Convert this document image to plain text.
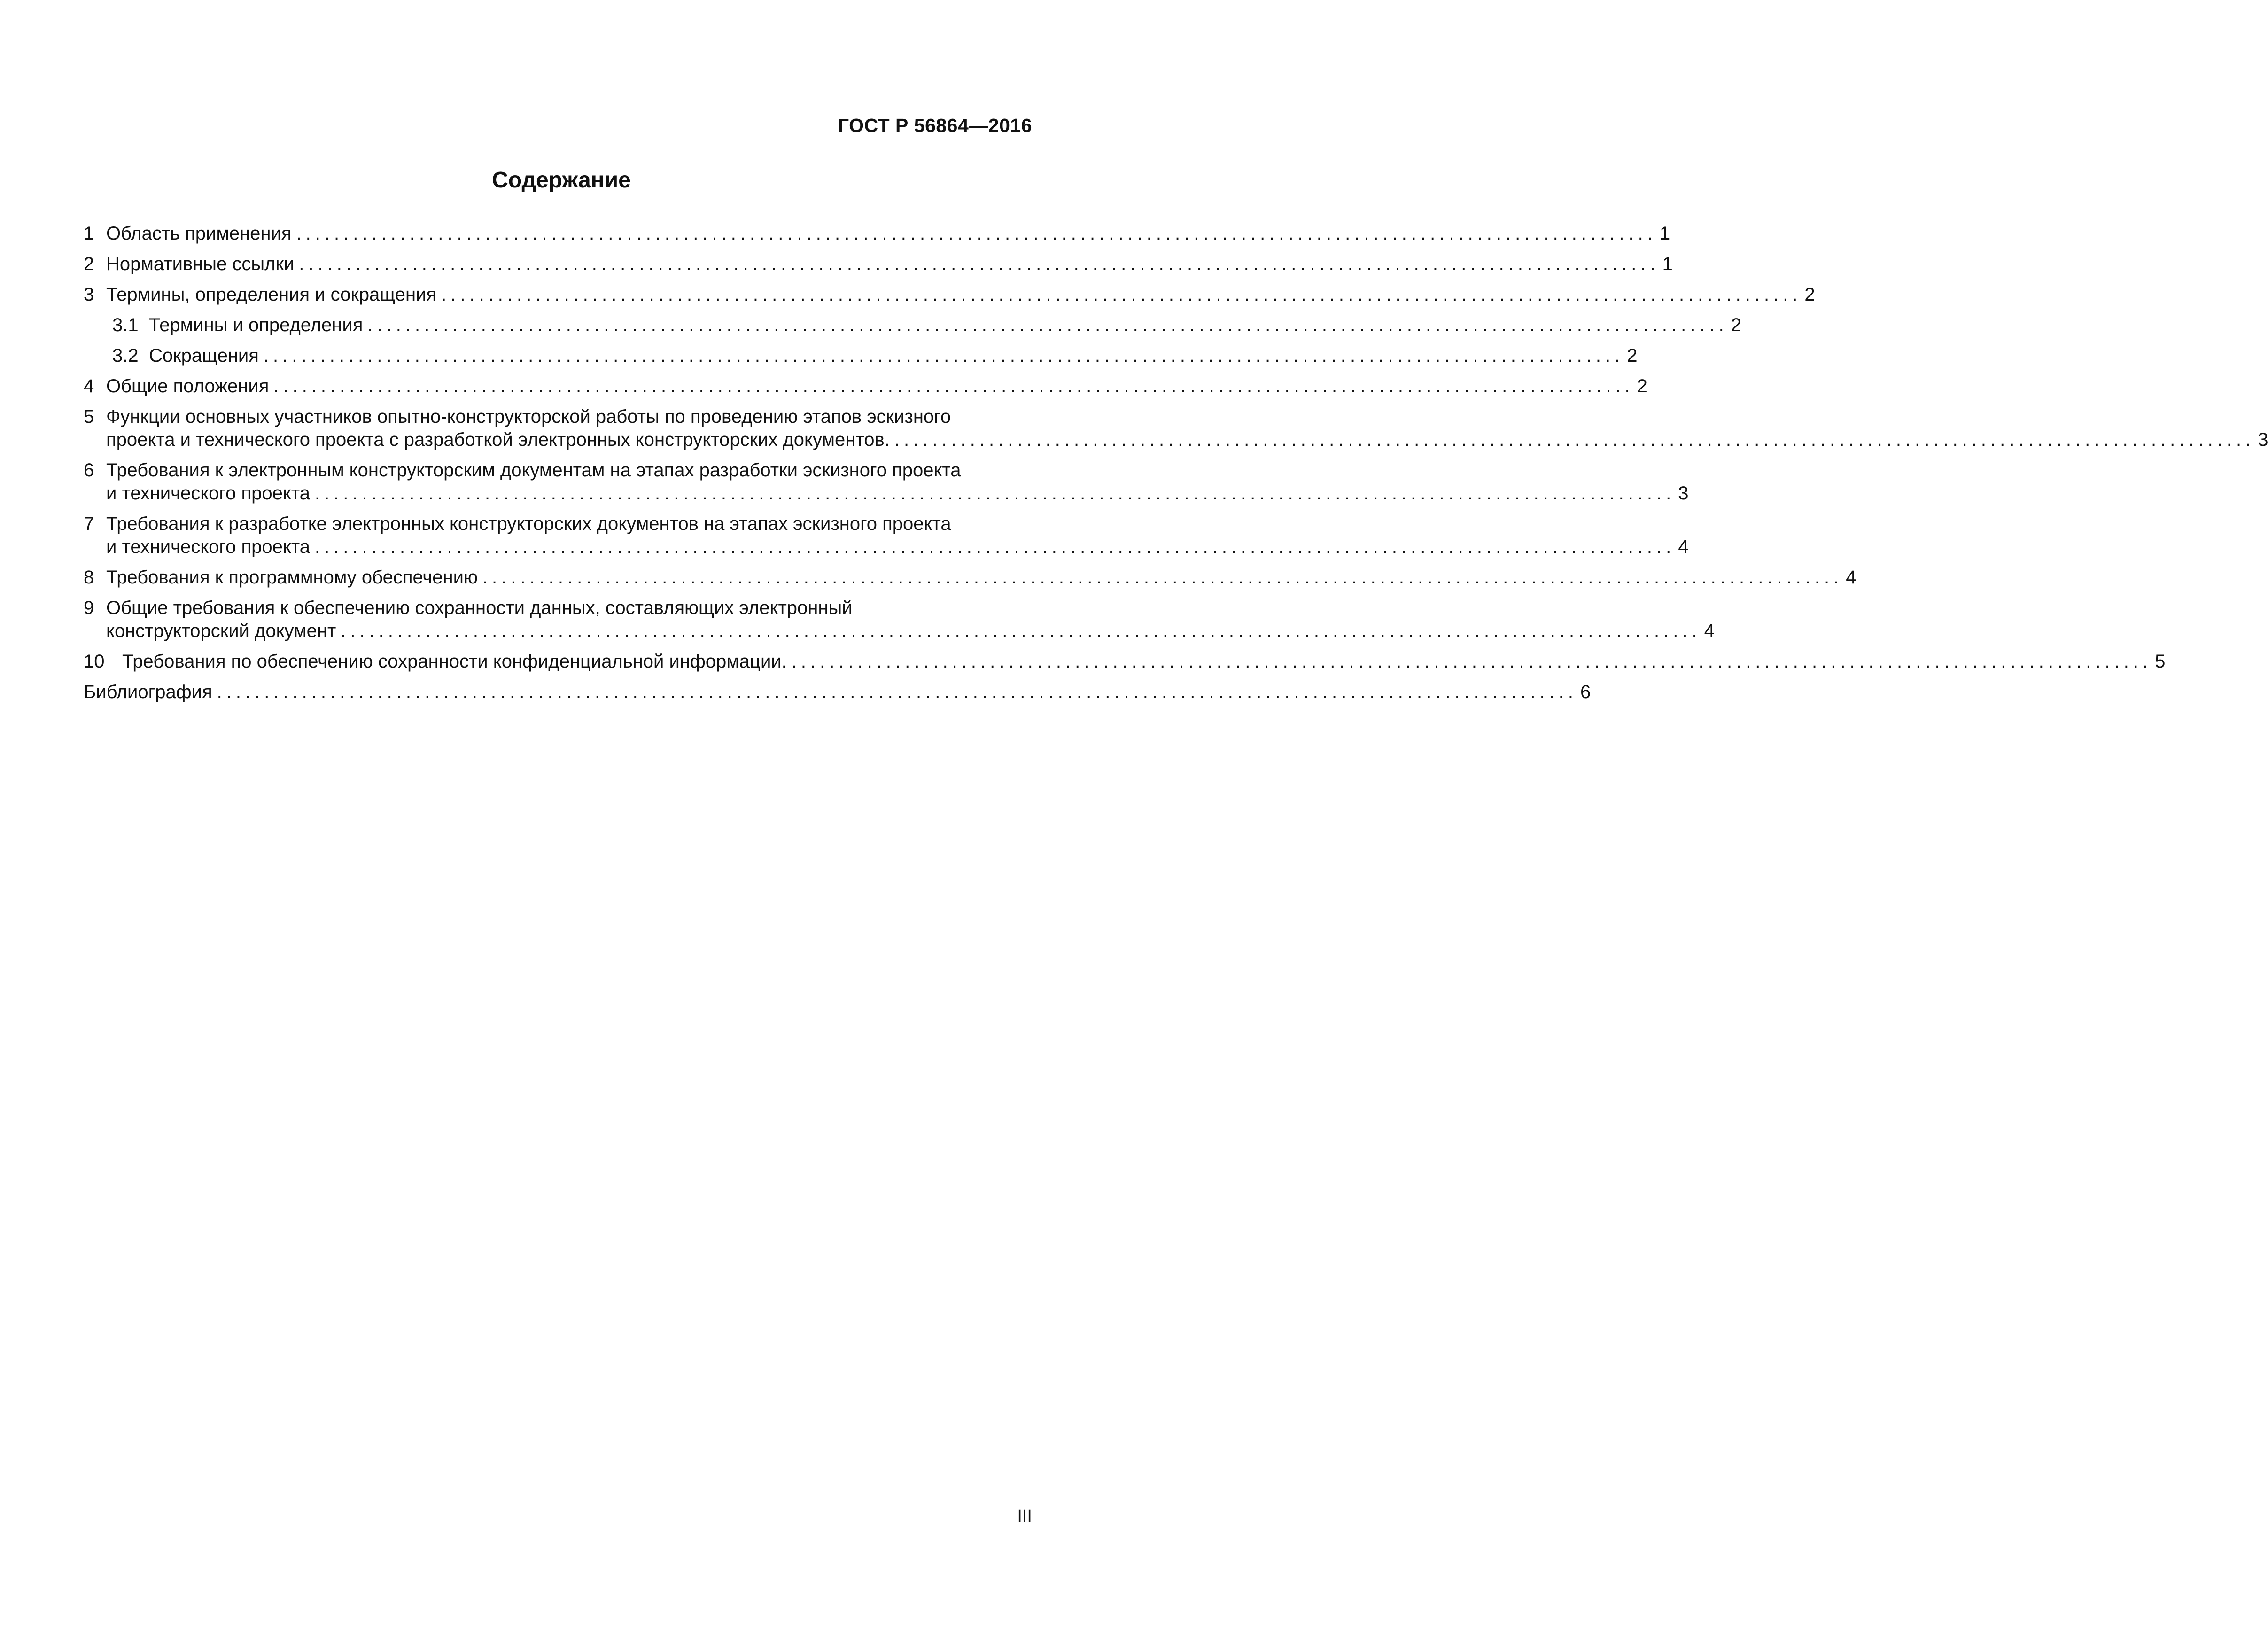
ГОСТ Р 56864—2016
Содержание
1 Область применения ................................................................................................................................................ 1
2 Нормативные ссылки ................................................................................................................................................ 1
3 Термины, определения и сокращения ................................................................................................................................................ 2
3.1 Термины и определения ................................................................................................................................................ 2
3.2 Сокращения ................................................................................................................................................ 2
4 Общие положения ................................................................................................................................................ 2
5 Функции основных участников опытно-конструкторской работы по проведению этапов эскизного
проекта и технического проекта с разработкой электронных конструкторских документов. ................................................................................................................................................ 3
6 Требования к электронным конструкторским документам на этапах разработки эскизного проекта
и технического проекта ................................................................................................................................................ 3
7 Требования к разработке электронных конструкторских документов на этапах эскизного проекта
и технического проекта ................................................................................................................................................ 4
8 Требования к программному обеспечению ................................................................................................................................................ 4
9 Общие требования к обеспечению сохранности данных, составляющих электронный
конструкторский документ ................................................................................................................................................ 4
10 Требования по обеспечению сохранности конфиденциальной информации. ................................................................................................................................................ 5
Библиография ................................................................................................................................................ 6
III
